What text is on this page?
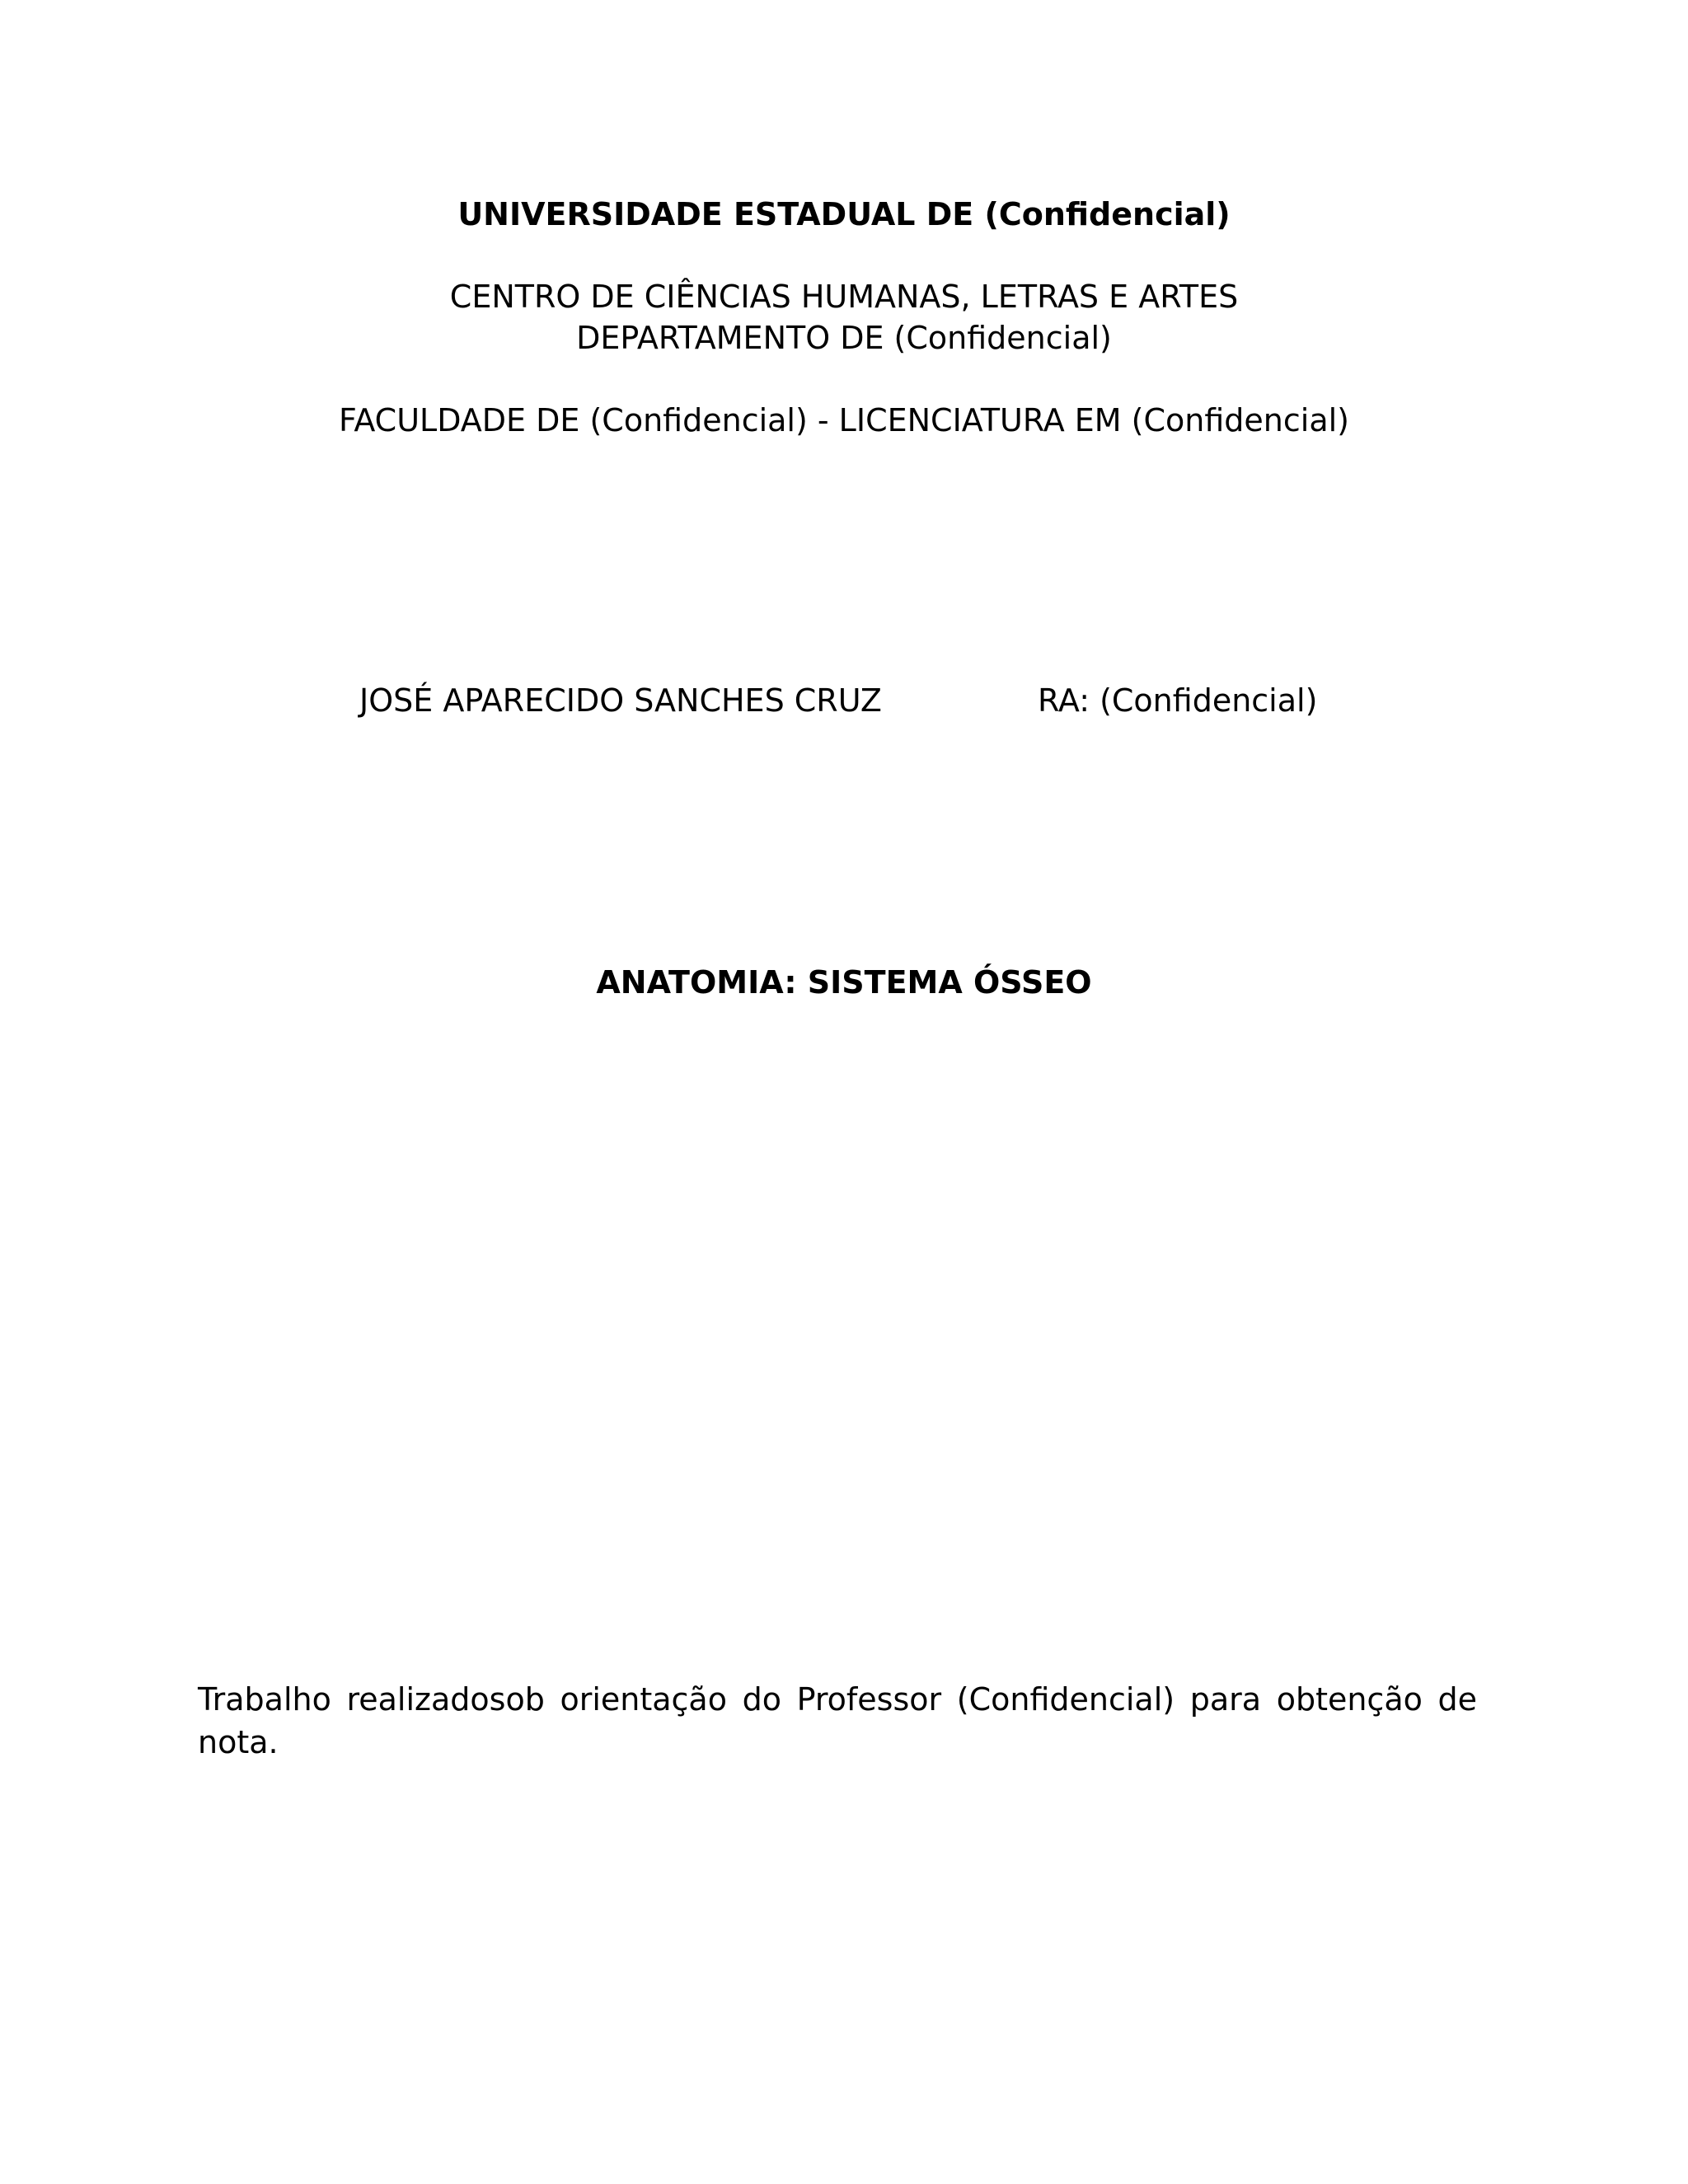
UNIVERSIDADE ESTADUAL DE (Confidencial)
CENTRO DE CIÊNCIAS HUMANAS, LETRAS E ARTES
DEPARTAMENTO DE (Confidencial)
FACULDADE DE (Confidencial) - LICENCIATURA EM (Confidencial)
JOSÉ APARECIDO SANCHES CRUZ	RA: (Confidencial)
ANATOMIA: SISTEMA ÓSSEO
Trabalho realizadosob orientação do Professor (Confidencial) para obtenção de nota.
